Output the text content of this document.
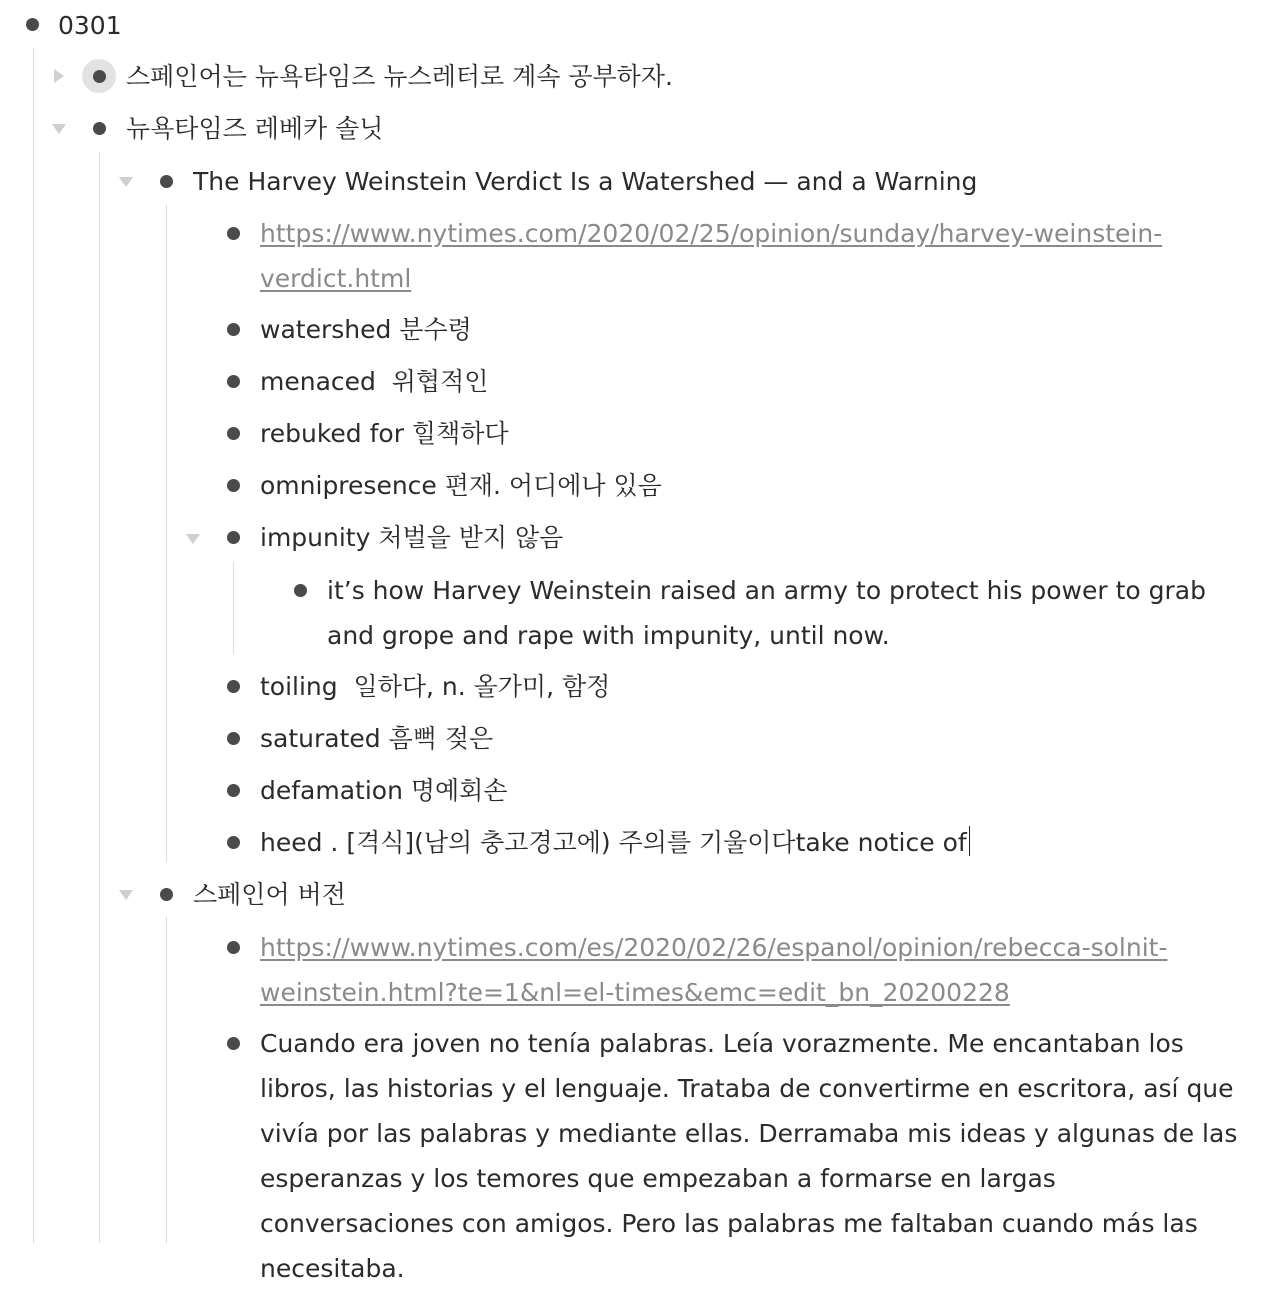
0301
스페인어는 뉴욕타임즈 뉴스레터로 계속 공부하자.
뉴욕타임즈 레베카 솔닛
The Harvey Weinstein Verdict Is a Watershed — and a Warning
https://www.nytimes.com/2020/02/25/opinion/sunday/harvey-weinstein-
verdict.html
watershed 분수령
menaced  위협적인
rebuked for 힐책하다
omnipresence 편재. 어디에나 있음
impunity 처벌을 받지 않음
it’s how Harvey Weinstein raised an army to protect his power to grab and grope and rape with impunity, until now.
toiling  일하다, n. 올가미, 함정
saturated 흠뻑 젖은
defamation 명예회손
heed . [격식](남의 충고경고에) 주의를 기울이다take notice of
스페인어 버전
https://www.nytimes.com/es/2020/02/26/espanol/opinion/rebecca-solnit-
weinstein.html?te=1&nl=el-times&emc=edit_bn_20200228
Cuando era joven no tenía palabras. Leía vorazmente. Me encantaban los libros, las historias y el lenguaje. Trataba de convertirme en escritora, así que vivía por las palabras y mediante ellas. Derramaba mis ideas y algunas de las esperanzas y los temores que empezaban a formarse en largas conversaciones con amigos. Pero las palabras me faltaban cuando más las necesitaba.
